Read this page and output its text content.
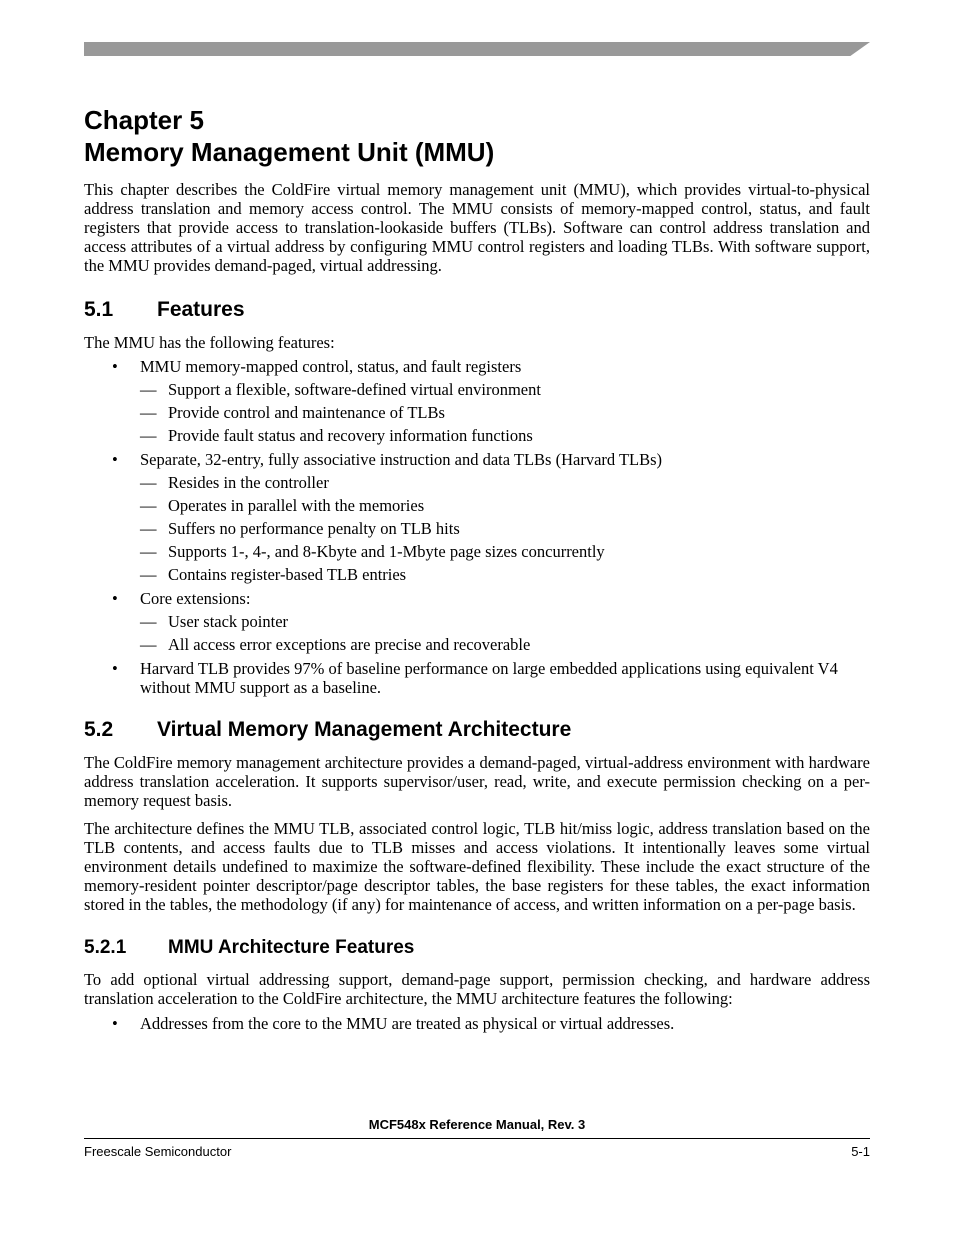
Chapter 5
Memory Management Unit (MMU)

This chapter describes the ColdFire virtual memory management unit (MMU), which provides virtual-to-physical address translation and memory access control. The MMU consists of memory-mapped control, status, and fault registers that provide access to translation-lookaside buffers (TLBs). Software can control address translation and access attributes of a virtual address by configuring MMU control registers and loading TLBs. With software support, the MMU provides demand-paged, virtual addressing.

5.1 Features

The MMU has the following features:

• MMU memory-mapped control, status, and fault registers
— Support a flexible, software-defined virtual environment
— Provide control and maintenance of TLBs
— Provide fault status and recovery information functions
• Separate, 32-entry, fully associative instruction and data TLBs (Harvard TLBs)
— Resides in the controller
— Operates in parallel with the memories
— Suffers no performance penalty on TLB hits
— Supports 1-, 4-, and 8-Kbyte and 1-Mbyte page sizes concurrently
— Contains register-based TLB entries
• Core extensions:
— User stack pointer
— All access error exceptions are precise and recoverable
• Harvard TLB provides 97% of baseline performance on large embedded applications using equivalent V4 without MMU support as a baseline.
5.2 Virtual Memory Management Architecture

The ColdFire memory management architecture provides a demand-paged, virtual-address environment with hardware address translation acceleration. It supports supervisor/user, read, write, and execute permission checking on a per-memory request basis.

The architecture defines the MMU TLB, associated control logic, TLB hit/miss logic, address translation based on the TLB contents, and access faults due to TLB misses and access violations. It intentionally leaves some virtual environment details undefined to maximize the software-defined flexibility. These include the exact structure of the memory-resident pointer descriptor/page descriptor tables, the base registers for these tables, the exact information stored in the tables, the methodology (if any) for maintenance of access, and written information on a per-page basis.

5.2.1 MMU Architecture Features

To add optional virtual addressing support, demand-page support, permission checking, and hardware address translation acceleration to the ColdFire architecture, the MMU architecture features the following:

• Addresses from the core to the MMU are treated as physical or virtual addresses.
MCF548x Reference Manual, Rev. 3
Freescale Semiconductor	5-1
